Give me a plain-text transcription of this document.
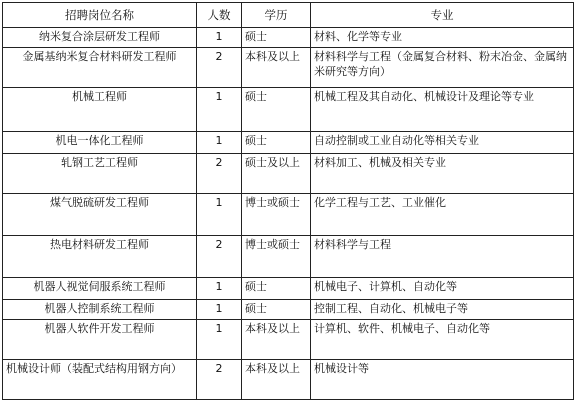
招聘岗位名称	人数	学历	专业
纳米复合涂层研发工程师	1	硕士	材料、化学等专业
金属基纳米复合材料研发工程师	2	本科及以上	材料科学与工程（金属复合材料、粉末冶金、金属纳米研究等方向）
机械工程师	1	硕士	机械工程及其自动化、机械设计及理论等专业
机电一体化工程师	1	硕士	自动控制或工业自动化等相关专业
轧钢工艺工程师	2	硕士及以上	材料加工、机械及相关专业
煤气脱硫研发工程师	1	博士或硕士	化学工程与工艺、工业催化
热电材料研发工程师	2	博士或硕士	材料科学与工程
机器人视觉伺服系统工程师	1	硕士	机械电子、计算机、自动化等
机器人控制系统工程师	1	硕士	控制工程、自动化、机械电子等
机器人软件开发工程师	1	本科及以上	计算机、软件、机械电子、自动化等
机械设计师（装配式结构用钢方向）	2	本科及以上	机械设计等
